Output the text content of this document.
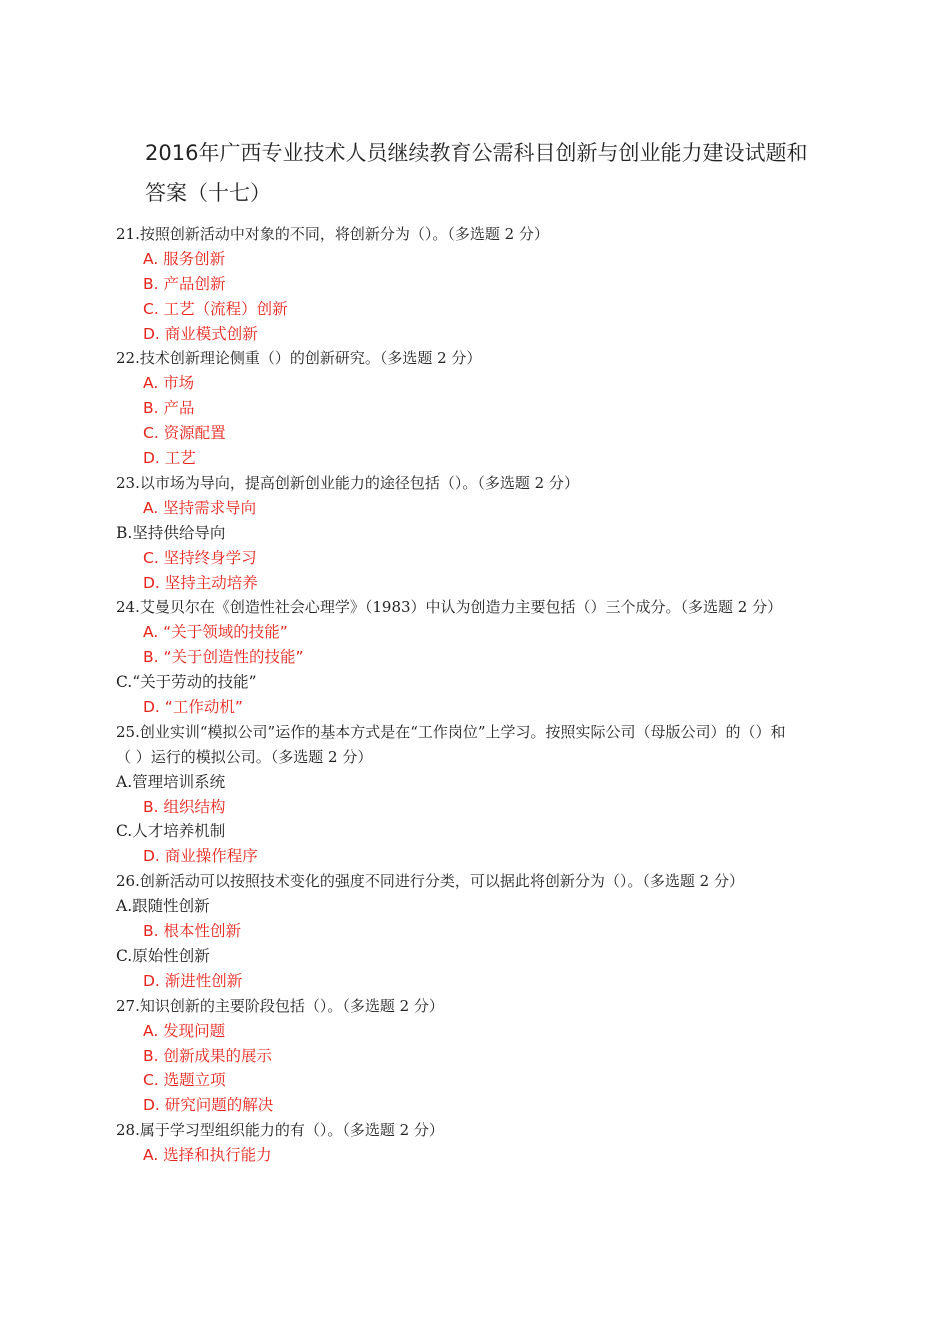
2016年广西专业技术人员继续教育公需科目创新与创业能力建设试题和答案（十七）
21.按照创新活动中对象的不同，将创新分为（）。（多选题 2 分）
A. 服务创新
B. 产品创新
C. 工艺（流程）创新
D. 商业模式创新
22.技术创新理论侧重（）的创新研究。（多选题 2 分）
A. 市场
B. 产品
C. 资源配置
D. 工艺
23.以市场为导向，提高创新创业能力的途径包括（）。（多选题 2 分）
A. 坚持需求导向
B.坚持供给导向
C. 坚持终身学习
D. 坚持主动培养
24.艾曼贝尔在《创造性社会心理学》（1983）中认为创造力主要包括（）三个成分。（多选题 2 分）
A. “关于领域的技能”
B. “关于创造性的技能”
C.“关于劳动的技能”
D. “工作动机”
25.创业实训“模拟公司”运作的基本方式是在“工作岗位”上学习。按照实际公司（母版公司）的（）和（ ）运行的模拟公司。（多选题 2 分）
A.管理培训系统
B. 组织结构
C.人才培养机制
D. 商业操作程序
26.创新活动可以按照技术变化的强度不同进行分类，可以据此将创新分为（）。（多选题 2 分）
A.跟随性创新
B. 根本性创新
C.原始性创新
D. 渐进性创新
27.知识创新的主要阶段包括（）。（多选题 2 分）
A. 发现问题
B. 创新成果的展示
C. 选题立项
D. 研究问题的解决
28.属于学习型组织能力的有（）。（多选题 2 分）
A. 选择和执行能力
